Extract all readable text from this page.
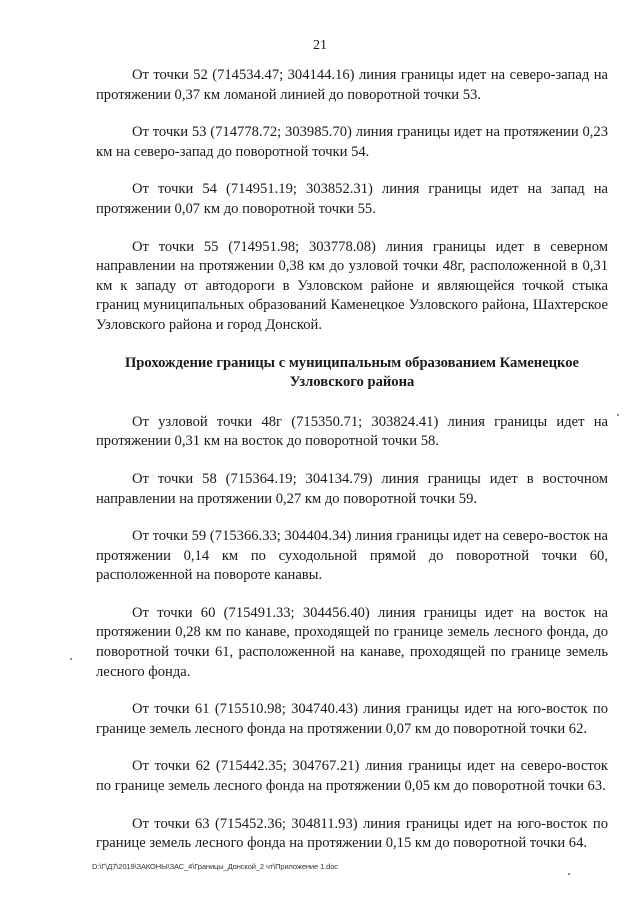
21

От точки 52 (714534.47; 304144.16) линия границы идет на северо-запад на протяжении 0,37 км ломаной линией до поворотной точки 53.

От точки 53 (714778.72; 303985.70) линия границы идет на протяжении 0,23 км на северо-запад до поворотной точки 54.

От точки 54 (714951.19; 303852.31) линия границы идет на запад на протяжении 0,07 км до поворотной точки 55.

От точки 55 (714951.98; 303778.08) линия границы идет в северном направлении на протяжении 0,38 км до узловой точки 48г, расположенной в 0,31 км к западу от автодороги в Узловском районе и являющейся точкой стыка границ муниципальных образований Каменецкое Узловского района, Шахтерское Узловского района и город Донской.

Прохождение границы с муниципальным образованием Каменецкое Узловского района

От узловой точки 48г (715350.71; 303824.41) линия границы идет на протяжении 0,31 км на восток до поворотной точки 58.

От точки 58 (715364.19; 304134.79) линия границы идет в восточном направлении на протяжении 0,27 км до поворотной точки 59.

От точки 59 (715366.33; 304404.34) линия границы идет на северо-восток на протяжении 0,14 км по суходольной прямой до поворотной точки 60, расположенной на повороте канавы.

От точки 60 (715491.33; 304456.40) линия границы идет на восток на протяжении 0,28 км по канаве, проходящей по границе земель лесного фонда, до поворотной точки 61, расположенной на канаве, проходящей по границе земель лесного фонда.

От точки 61 (715510.98; 304740.43) линия границы идет на юго-восток по границе земель лесного фонда на протяжении 0,07 км до поворотной точки 62.

От точки 62 (715442.35; 304767.21) линия границы идет на северо-восток по границе земель лесного фонда на протяжении 0,05 км до поворотной точки 63.

От точки 63 (715452.36; 304811.93) линия границы идет на юго-восток по границе земель лесного фонда на протяжении 0,15 км до поворотной точки 64.

D:\Г\Д7\2019\ЗАКОНЫ\ЗАС_4\Границы_Донской_2 чт\Приложение 1.doc
